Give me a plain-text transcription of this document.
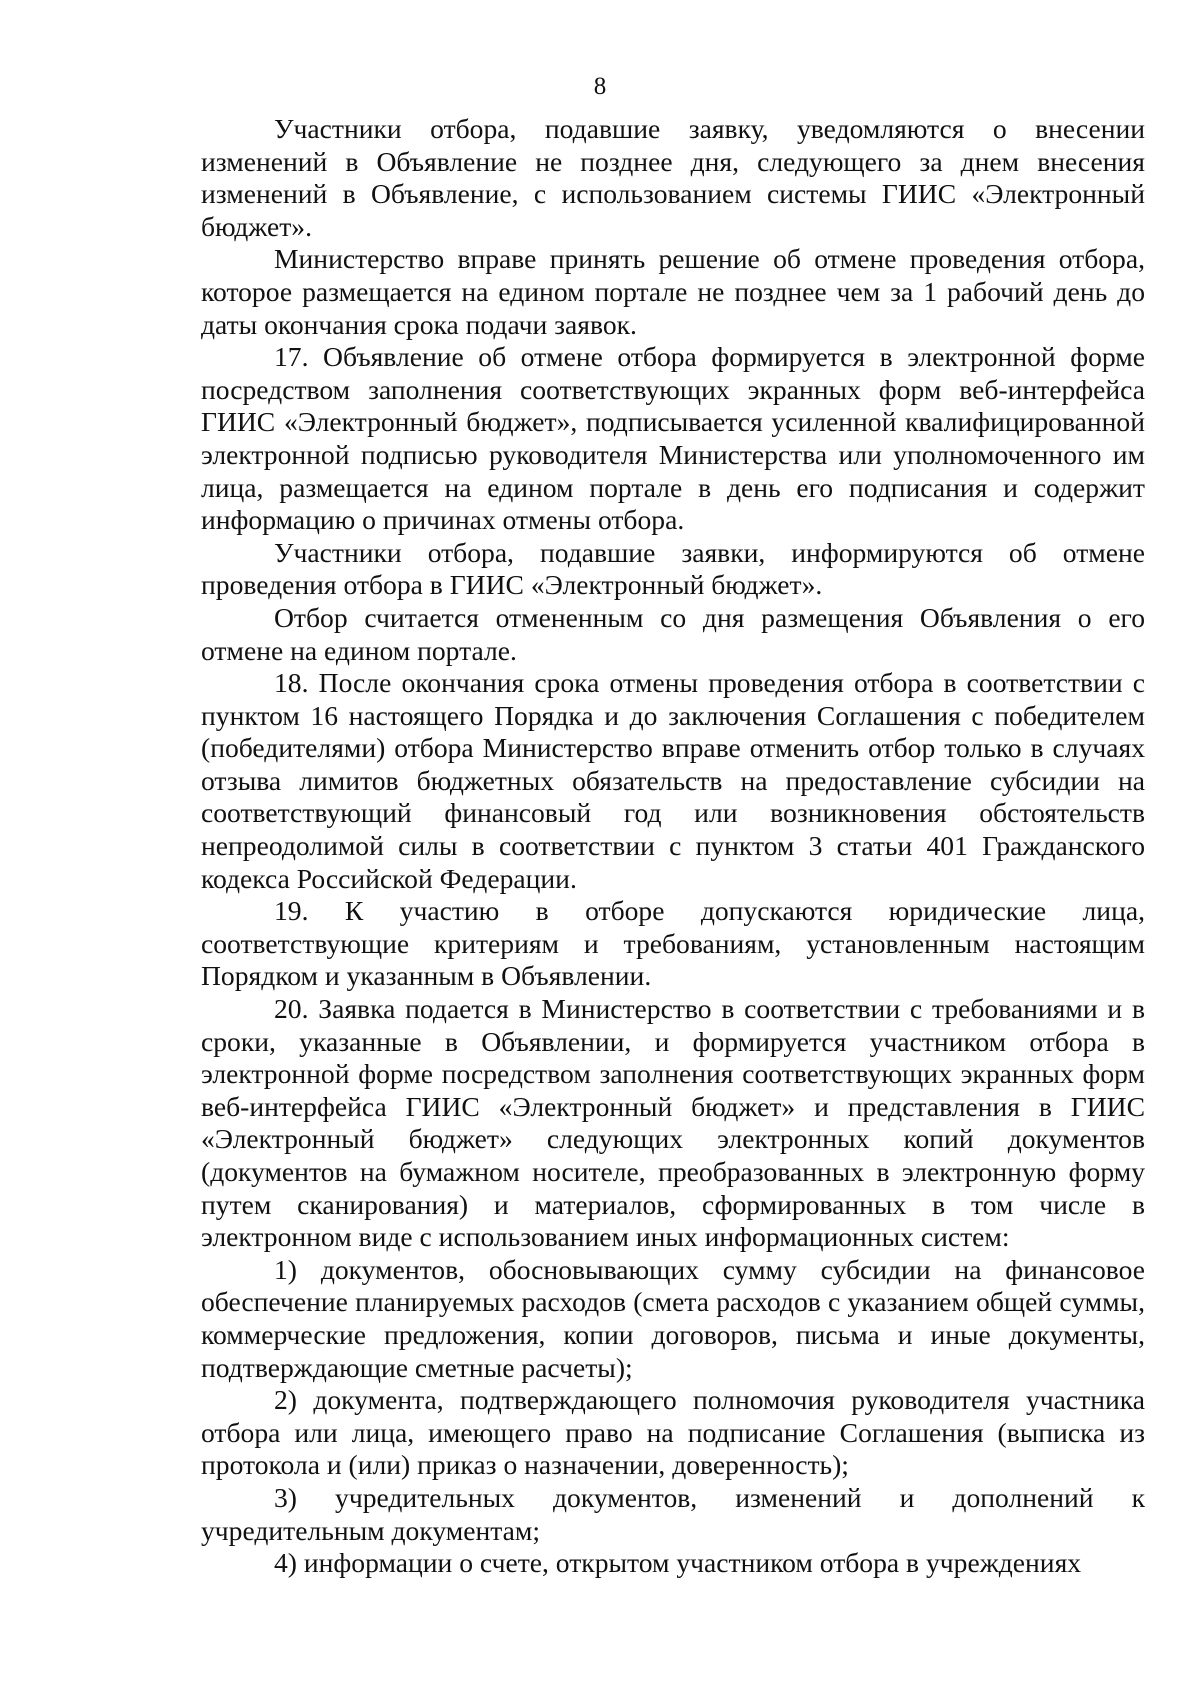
8

Участники отбора, подавшие заявку, уведомляются о внесении изменений в Объявление не позднее дня, следующего за днем внесения изменений в Объявление, с использованием системы ГИИС «Электронный бюджет».

Министерство вправе принять решение об отмене проведения отбора, которое размещается на едином портале не позднее чем за 1 рабочий день до даты окончания срока подачи заявок.

17. Объявление об отмене отбора формируется в электронной форме посредством заполнения соответствующих экранных форм веб-интерфейса ГИИС «Электронный бюджет», подписывается усиленной квалифицированной электронной подписью руководителя Министерства или уполномоченного им лица, размещается на едином портале в день его подписания и содержит информацию о причинах отмены отбора.

Участники отбора, подавшие заявки, информируются об отмене проведения отбора в ГИИС «Электронный бюджет».

Отбор считается отмененным со дня размещения Объявления о его отмене на едином портале.

18. После окончания срока отмены проведения отбора в соответствии с пунктом 16 настоящего Порядка и до заключения Соглашения с победителем (победителями) отбора Министерство вправе отменить отбор только в случаях отзыва лимитов бюджетных обязательств на предоставление субсидии на соответствующий финансовый год или возникновения обстоятельств непреодолимой силы в соответствии с пунктом 3 статьи 401 Гражданского кодекса Российской Федерации.

19. К участию в отборе допускаются юридические лица, соответствующие критериям и требованиям, установленным настоящим Порядком и указанным в Объявлении.

20. Заявка подается в Министерство в соответствии с требованиями и в сроки, указанные в Объявлении, и формируется участником отбора в электронной форме посредством заполнения соответствующих экранных форм веб-интерфейса ГИИС «Электронный бюджет» и представления в ГИИС «Электронный бюджет» следующих электронных копий документов (документов на бумажном носителе, преобразованных в электронную форму путем сканирования) и материалов, сформированных в том числе в электронном виде с использованием иных информационных систем:

1) документов, обосновывающих сумму субсидии на финансовое обеспечение планируемых расходов (смета расходов с указанием общей суммы, коммерческие предложения, копии договоров, письма и иные документы, подтверждающие сметные расчеты);

2) документа, подтверждающего полномочия руководителя участника отбора или лица, имеющего право на подписание Соглашения (выписка из протокола и (или) приказ о назначении, доверенность);

3) учредительных документов, изменений и дополнений к учредительным документам;

4) информации о счете, открытом участником отбора в учреждениях
